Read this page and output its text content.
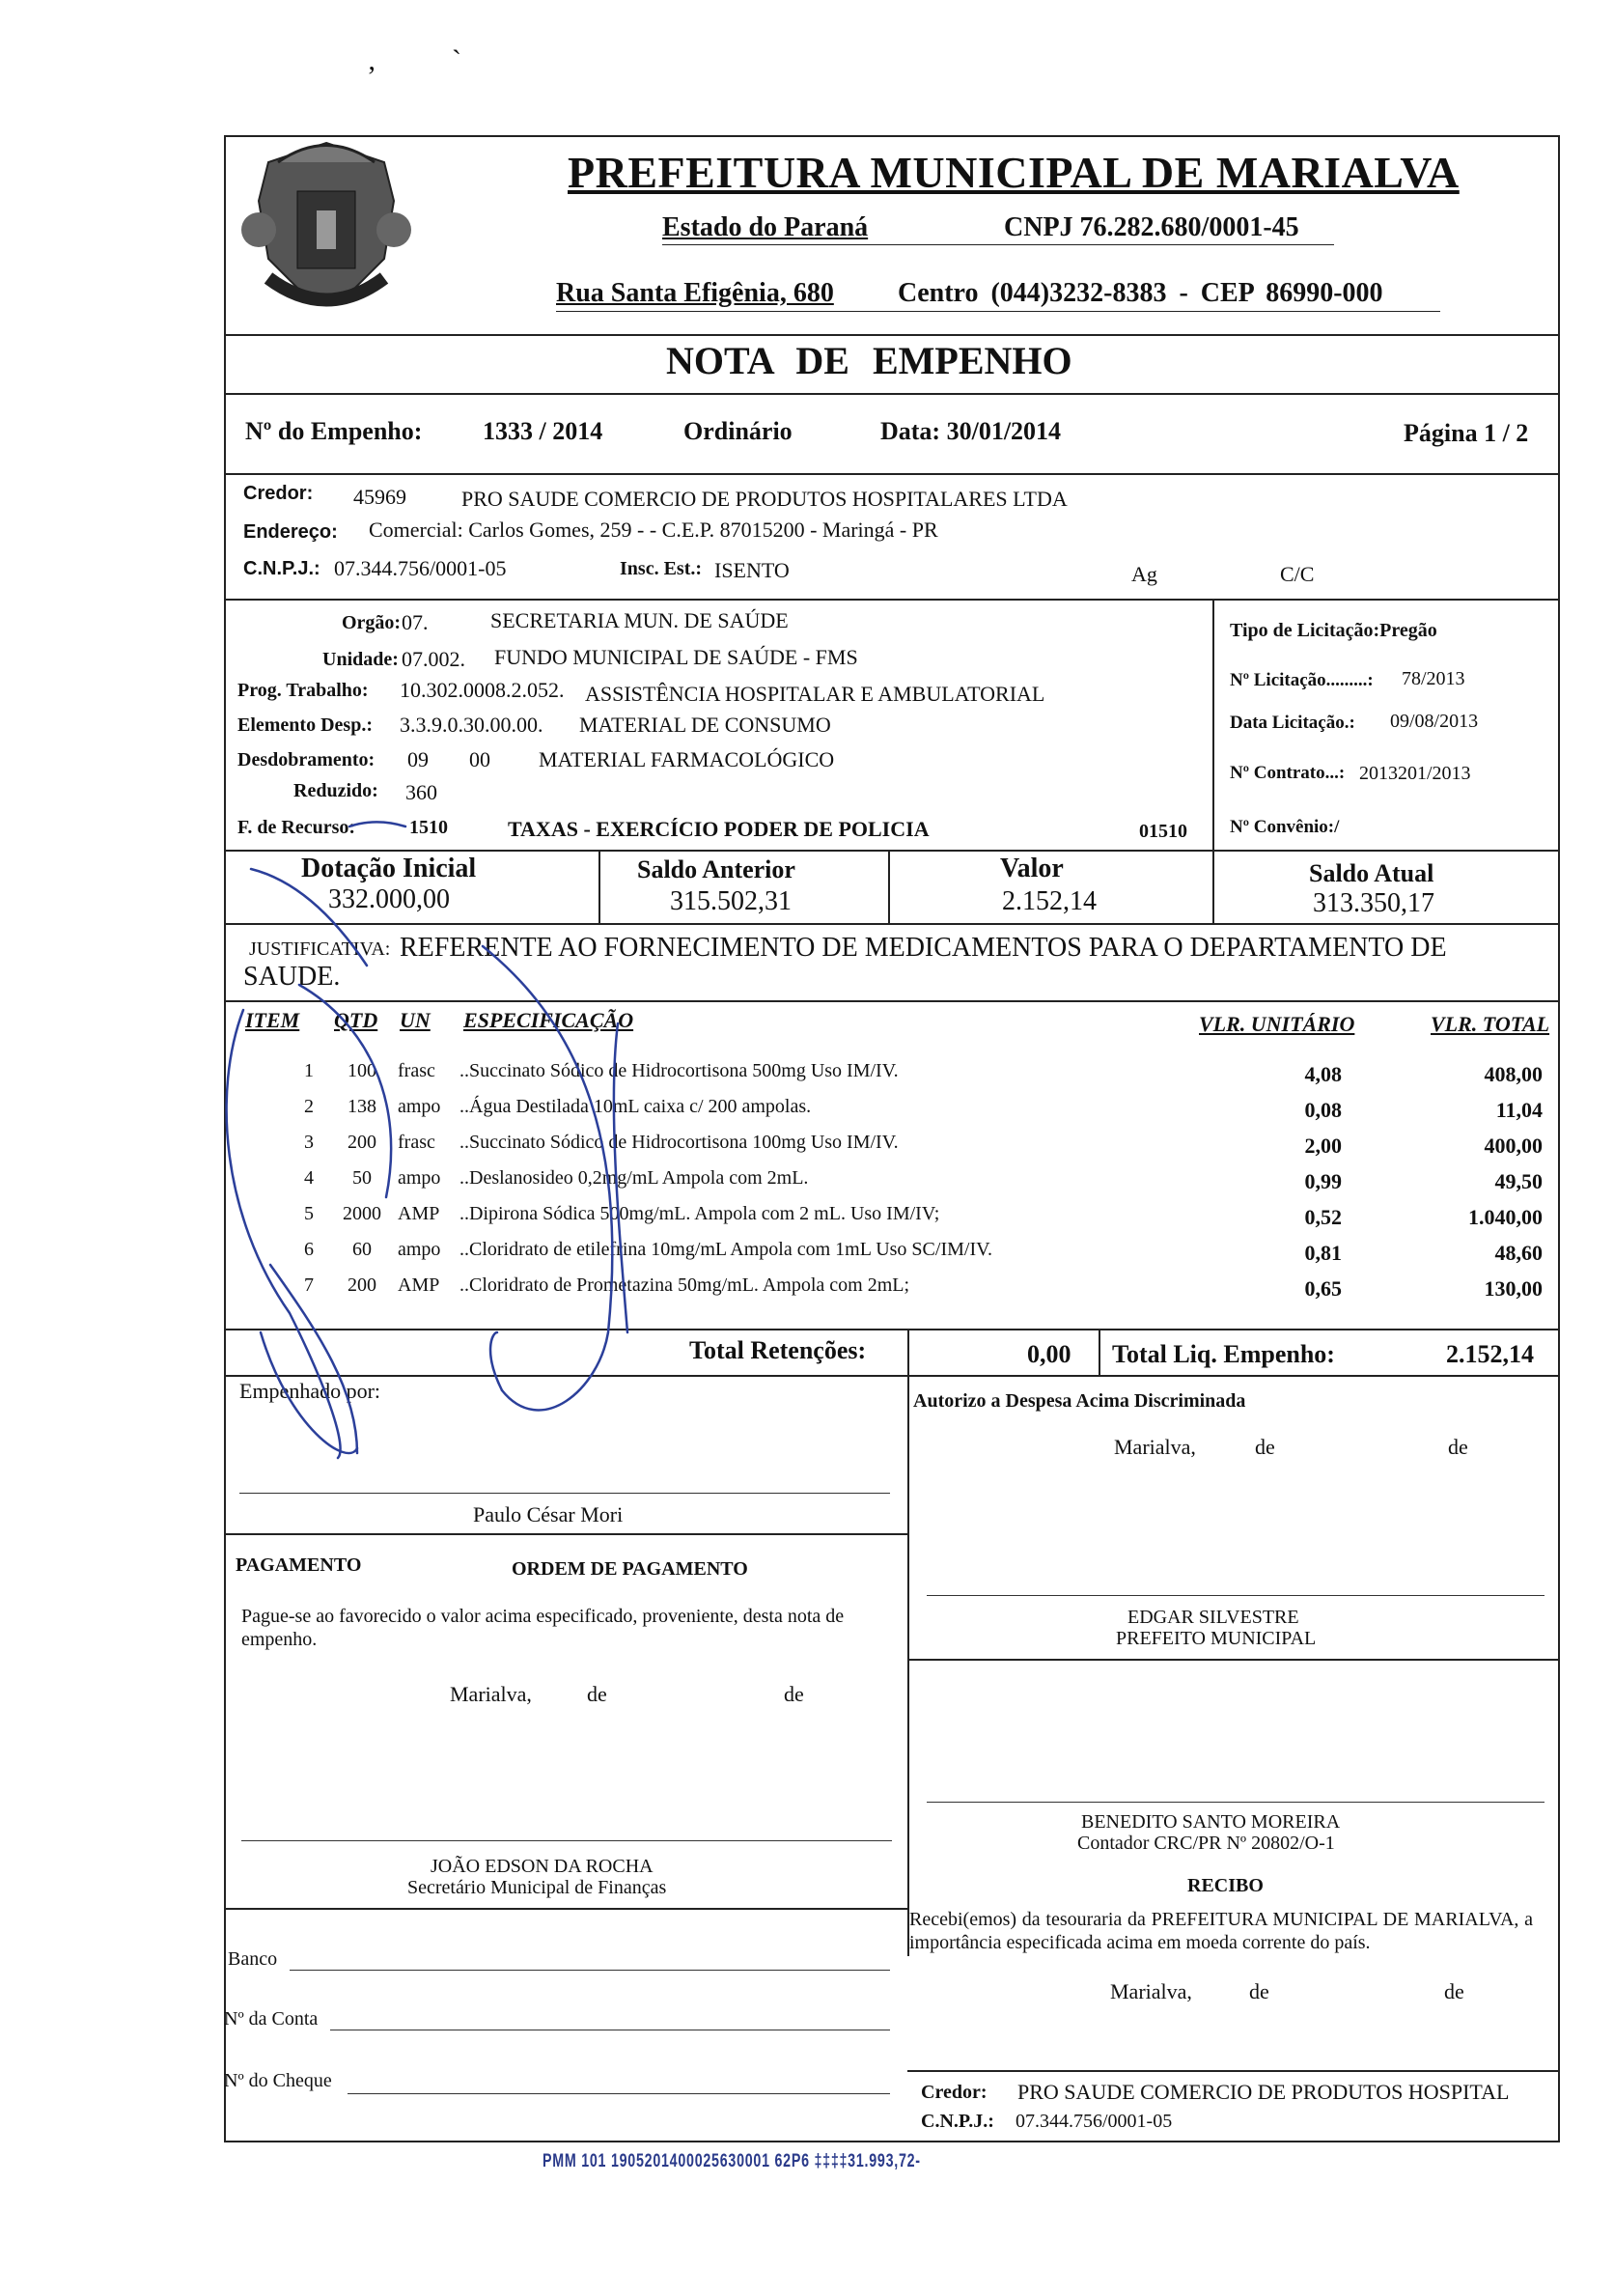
‚	`
PREFEITURA MUNICIPAL DE MARIALVA
Estado do Paraná	CNPJ 76.282.680/0001-45
Rua Santa Efigênia, 680 Centro (044)3232-8383 - CEP 86990-000
NOTA DE EMPENHO
Nº do Empenho: 1333 / 2014	Ordinário	Data: 30/01/2014	Página 1 / 2
Credor: 45969	PRO SAUDE COMERCIO DE PRODUTOS HOSPITALARES LTDA
Endereço: Comercial: Carlos Gomes, 259 - - C.E.P. 87015200 - Maringá - PR
C.N.P.J.: 07.344.756/0001-05	Insc. Est.: ISENTO	Ag	C/C
Orgão: 07.	SECRETARIA MUN. DE SAÚDE
Unidade: 07.002. FUNDO MUNICIPAL DE SAÚDE - FMS
Prog. Trabalho: 10.302.0008.2.052. ASSISTÊNCIA HOSPITALAR E AMBULATORIAL
Elemento Desp.: 3.3.9.0.30.00.00. MATERIAL DE CONSUMO
Desdobramento: 09 00 MATERIAL FARMACOLÓGICO
Reduzido: 360
F. de Recurso:	1510	TAXAS - EXERCÍCIO PODER DE POLICIA	01510
Tipo de Licitação:Pregão
Nº Licitação.........: 78/2013
Data Licitação.: 09/08/2013
Nº Contrato...: 2013201/2013
Nº Convênio:/
Dotação Inicial
332.000,00
Saldo Anterior
315.502,31
Valor
2.152,14
Saldo Atual
313.350,17
JUSTIFICATIVA: REFERENTE AO FORNECIMENTO DE MEDICAMENTOS PARA O DEPARTAMENTO DE
SAUDE.
ITEM QTD UN ESPECIFICAÇÃO	VLR. UNITÁRIO	VLR. TOTAL
1	100	frasc	..Succinato Sódico de Hidrocortisona 500mg Uso IM/IV.	4,08	408,00
2	138	ampo ..Água Destilada 10mL caixa c/ 200 ampolas.	0,08	11,04
3	200	frasc	..Succinato Sódico de Hidrocortisona 100mg Uso IM/IV.	2,00	400,00
4	50	ampo ..Deslanosideo 0,2mg/mL Ampola com 2mL.	0,99	49,50
5	2000 AMP	..Dipirona Sódica 500mg/mL. Ampola com 2 mL. Uso IM/IV;	0,52	1.040,00
6	60	ampo ..Cloridrato de etilefrina 10mg/mL Ampola com 1mL Uso SC/IM/IV.	0,81	48,60
7	200	AMP	..Cloridrato de Prometazina 50mg/mL. Ampola com 2mL;	0,65	130,00
Total Retenções:	0,00 Total Liq. Empenho:	2.152,14
Empenhado por:
Paulo César Mori
Autorizo a Despesa Acima Discriminada
Marialva,	de	de
PAGAMENTO	ORDEM DE PAGAMENTO
Pague-se ao favorecido o valor acima especificado, proveniente, desta nota de empenho.
Marialva,	de	de
JOÃO EDSON DA ROCHA
Secretário Municipal de Finanças
Banco
Nº da Conta
Nº do Cheque
EDGAR SILVESTRE
PREFEITO MUNICIPAL
BENEDITO SANTO MOREIRA
Contador CRC/PR Nº 20802/O-1
RECIBO
Recebi(emos) da tesouraria da PREFEITURA MUNICIPAL DE MARIALVA, a importância especificada acima em moeda corrente do país.
Marialva,	de	de
Credor: PRO SAUDE COMERCIO DE PRODUTOS HOSPITAL
C.N.P.J.: 07.344.756/0001-05
PMM 101 1905201400025630001 62P6 ‡‡‡‡31.993,72-
